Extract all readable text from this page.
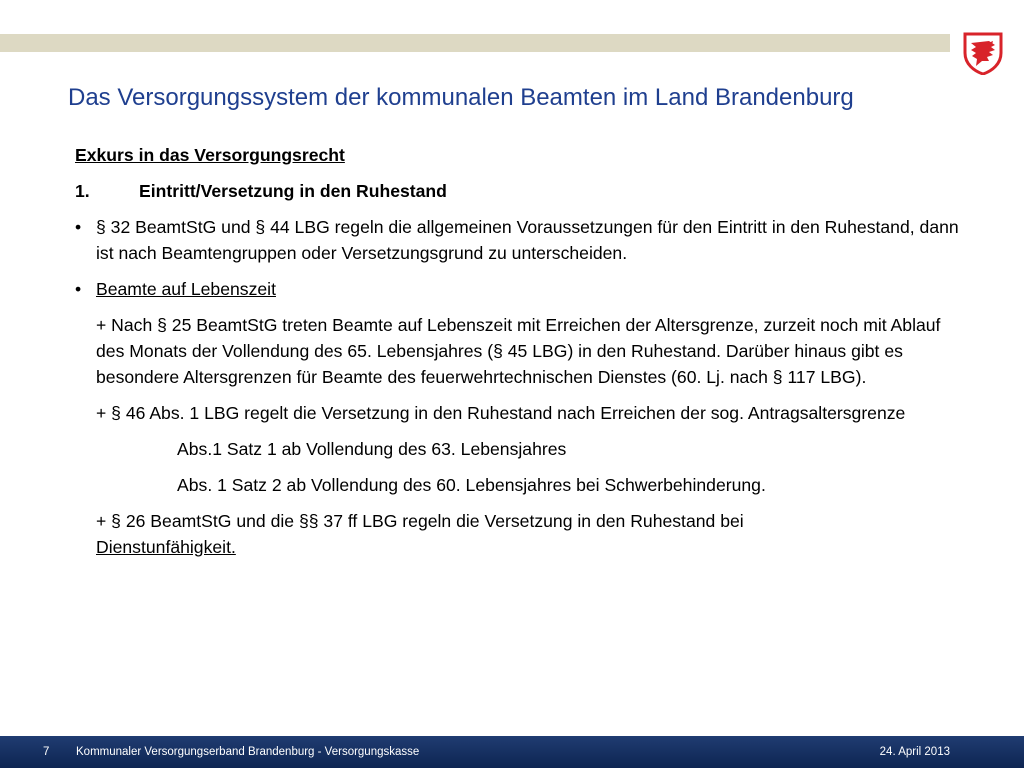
Das Versorgungssystem der kommunalen Beamten im Land Brandenburg

Exkurs in das Versorgungsrecht

1.	Eintritt/Versetzung in den Ruhestand

• § 32 BeamtStG und § 44 LBG regeln die allgemeinen Voraussetzungen für den Eintritt in den Ruhestand, dann ist nach Beamtengruppen oder Versetzungsgrund zu unterscheiden.

• Beamte auf Lebenszeit

+ Nach § 25 BeamtStG treten Beamte auf Lebenszeit mit Erreichen der Altersgrenze, zurzeit noch mit Ablauf des Monats der Vollendung des 65. Lebensjahres (§ 45 LBG) in den Ruhestand. Darüber hinaus gibt es besondere Altersgrenzen für Beamte des feuerwehrtechnischen Dienstes (60. Lj. nach § 117 LBG).

+ § 46 Abs. 1 LBG regelt die Versetzung in den Ruhestand nach Erreichen der sog. Antragsaltersgrenze

Abs.1 Satz 1 ab Vollendung des 63. Lebensjahres

Abs. 1 Satz 2 ab Vollendung des 60. Lebensjahres bei Schwerbehinderung.

+ § 26 BeamtStG und die §§ 37 ff LBG regeln die Versetzung in den Ruhestand bei
Dienstunfähigkeit.

7 Kommunaler Versorgungserband Brandenburg - Versorgungskasse	24. April 2013
